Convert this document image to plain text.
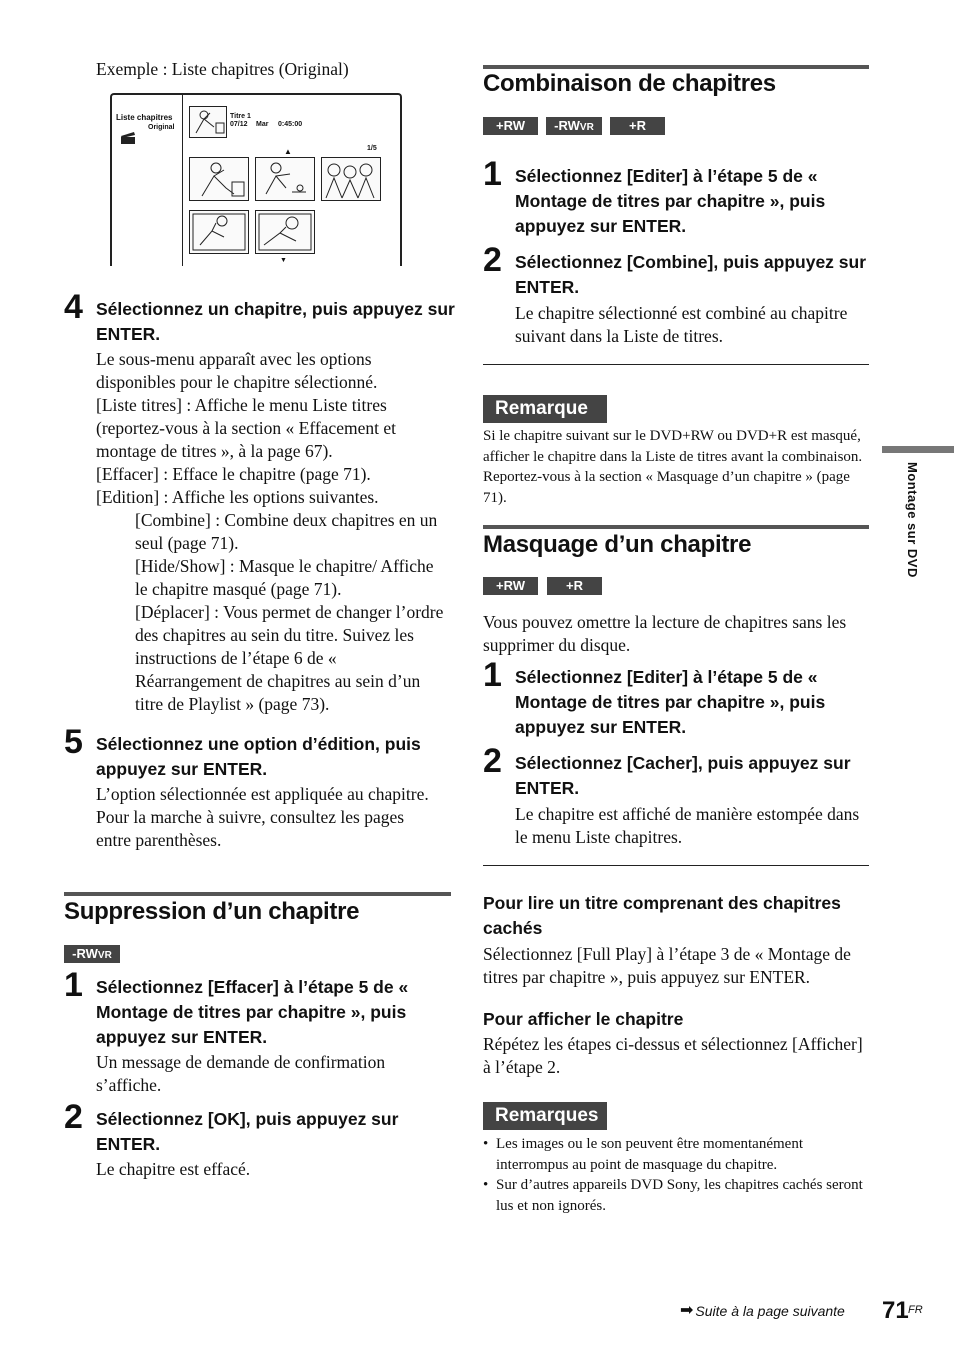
Exemple : Liste chapitres (Original)
Liste chapitres
Original
Titre 1
07/12 Mar 0:45:00
▲	1/5
▼
4 Sélectionnez un chapitre, puis appuyez sur ENTER.
Le sous-menu apparaît avec les options disponibles pour le chapitre sélectionné.
[Liste titres] : Affiche le menu Liste titres (reportez-vous à la section « Effacement et montage de titres », à la page 67).
[Effacer] : Efface le chapitre (page 71).
[Edition] : Affiche les options suivantes.
[Combine] : Combine deux chapitres en un seul (page 71).
[Hide/Show] : Masque le chapitre/ Affiche le chapitre masqué (page 71).
[Déplacer] : Vous permet de changer l’ordre des chapitres au sein du titre. Suivez les instructions de l’étape 6 de « Réarrangement de chapitres au sein d’un titre de Playlist » (page 73).
5 Sélectionnez une option d’édition, puis appuyez sur ENTER.
L’option sélectionnée est appliquée au chapitre. Pour la marche à suivre, consultez les pages entre parenthèses.
Suppression d’un chapitre
-RWVR
1 Sélectionnez [Effacer] à l’étape 5 de « Montage de titres par chapitre », puis appuyez sur ENTER.
Un message de demande de confirmation s’affiche.
2 Sélectionnez [OK], puis appuyez sur ENTER.
Le chapitre est effacé.
Combinaison de chapitres
+RW	-RWVR	+R
1 Sélectionnez [Editer] à l’étape 5 de « Montage de titres par chapitre », puis appuyez sur ENTER.
2 Sélectionnez [Combine], puis appuyez sur ENTER.
Le chapitre sélectionné est combiné au chapitre suivant dans la Liste de titres.
Remarque
Si le chapitre suivant sur le DVD+RW ou DVD+R est masqué, afficher le chapitre dans la Liste de titres avant la combinaison. Reportez-vous à la section « Masquage d’un chapitre » (page 71).
Masquage d’un chapitre
+RW	+R
Vous pouvez omettre la lecture de chapitres sans les supprimer du disque.
1 Sélectionnez [Editer] à l’étape 5 de « Montage de titres par chapitre », puis appuyez sur ENTER.
2 Sélectionnez [Cacher], puis appuyez sur ENTER.
Le chapitre est affiché de manière estompée dans le menu Liste chapitres.
Pour lire un titre comprenant des chapitres cachés
Sélectionnez [Full Play] à l’étape 3 de « Montage de titres par chapitre », puis appuyez sur ENTER.
Pour afficher le chapitre
Répétez les étapes ci-dessus et sélectionnez [Afficher] à l’étape 2.
Remarques
• Les images ou le son peuvent être momentanément interrompus au point de masquage du chapitre.
• Sur d’autres appareils DVD Sony, les chapitres cachés seront lus et non ignorés.
Montage sur DVD
➡ Suite à la page suivante 71 FR
